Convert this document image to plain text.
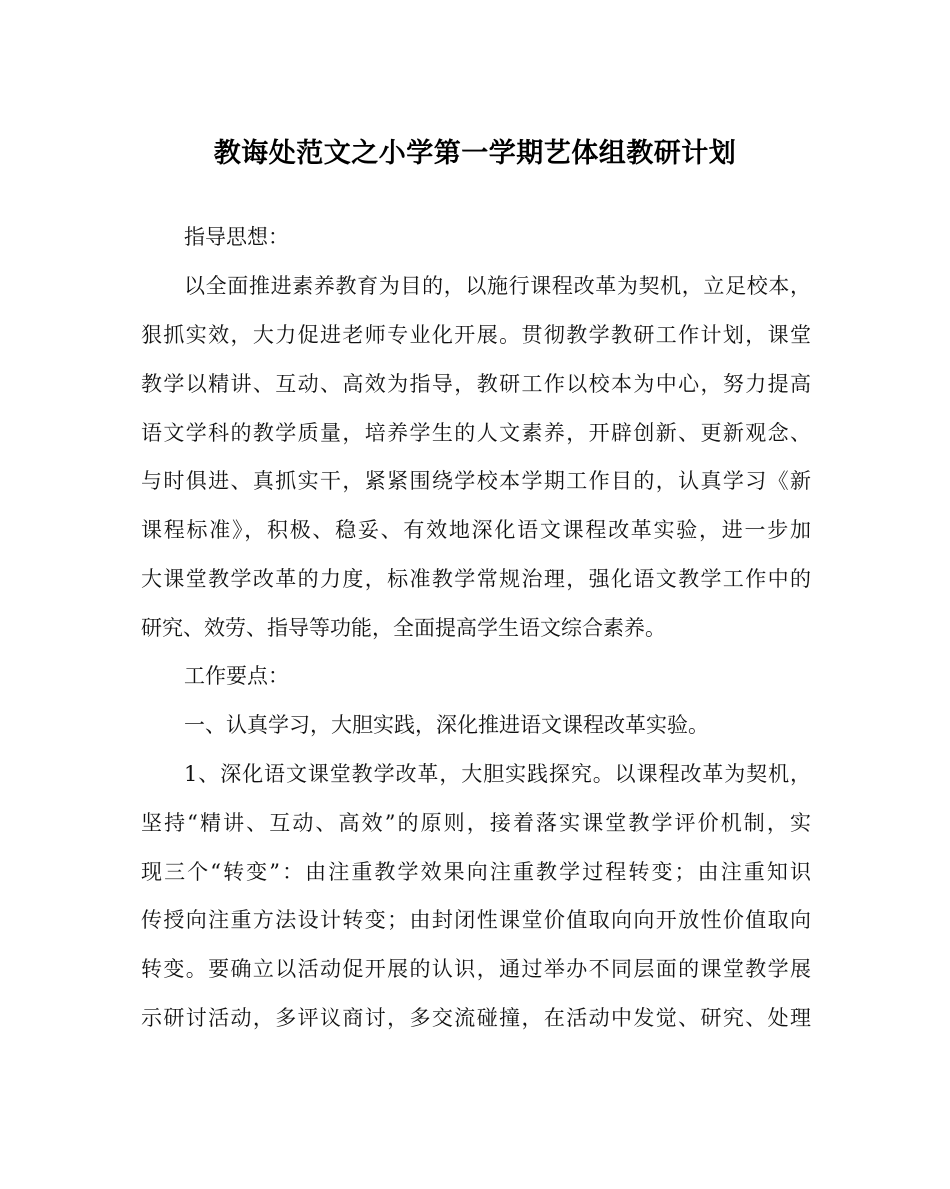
教诲处范文之小学第一学期艺体组教研计划
指导思想：
以全面推进素养教育为目的，以施行课程改革为契机，立足校本，
狠抓实效，大力促进老师专业化开展。贯彻教学教研工作计划，课堂
教学以精讲、互动、高效为指导，教研工作以校本为中心，努力提高
语文学科的教学质量，培养学生的人文素养，开辟创新、更新观念、
与时俱进、真抓实干，紧紧围绕学校本学期工作目的，认真学习《新
课程标准》，积极、稳妥、有效地深化语文课程改革实验，进一步加
大课堂教学改革的力度，标准教学常规治理，强化语文教学工作中的
研究、效劳、指导等功能，全面提高学生语文综合素养。
工作要点：
一、认真学习，大胆实践，深化推进语文课程改革实验。
1、深化语文课堂教学改革，大胆实践探究。以课程改革为契机，
坚持“精讲、互动、高效”的原则，接着落实课堂教学评价机制，实
现三个“转变”：由注重教学效果向注重教学过程转变；由注重知识
传授向注重方法设计转变；由封闭性课堂价值取向向开放性价值取向
转变。要确立以活动促开展的认识，通过举办不同层面的课堂教学展
示研讨活动，多评议商讨，多交流碰撞，在活动中发觉、研究、处理
